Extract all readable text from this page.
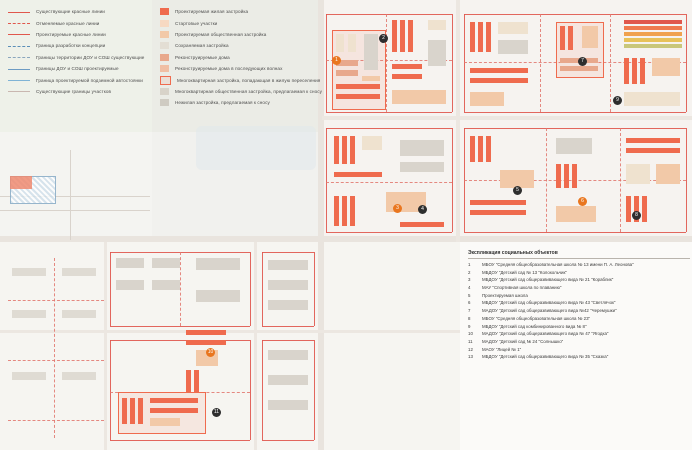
1
2
3	4
5
6
7
8
9
10
11
Существующие красные линии
Отменяемые красные линии
Проектируемые красные линии
Граница разработки концепции
Границы территории ДОУ и СОШ существующие
Границы ДОУ и СОШ проектируемые
Граница проектируемой подземной автостоянки
Существующие границы участков
Проектируемая жилая застройка
Стартовые участки
Проектируемая общественная застройка
Сохраняемая застройка
Реконструируемые дома
Реконструируемые дома в последующих волнах
Многоквартирная застройка, попадающая в жилую переселения
Многоквартирная общественная застройка, предлагаемая к сносу
Нежилая застройка, предлагаемая к сносу
Экспликация социальных объектов
1	МБОУ "Средняя общеобразовательная школа № 13 имени П. А. Леонова"
2	МБДОУ "Детский сад № 13 "Колокольчик"
3	МБДОУ "Детский сад общеразвивающего вида № 21 "Кораблик"
4	МАУ "Спортивная школа по плаванию"
5	Проектируемая школа
6	МБДОУ "Детский сад общеразвивающего вида № 43 "Светлячок"
7	МАДОУ "Детский сад общеразвивающего вида №42 "Черемушки"
8	МБОУ "Средняя общеобразовательная школа № 23"
9	МБДОУ "Детский сад комбинированного вида № 8"
10	МАДОУ "Детский сад общеразвивающего вида № 47 "Ягодка"
11	МАДОУ "Детский сад № 24 "Солнышко"
12	МАОУ "Лицей № 1"
13	МБДОУ "Детский сад общеразвивающего вида № 35 "Сказка"
